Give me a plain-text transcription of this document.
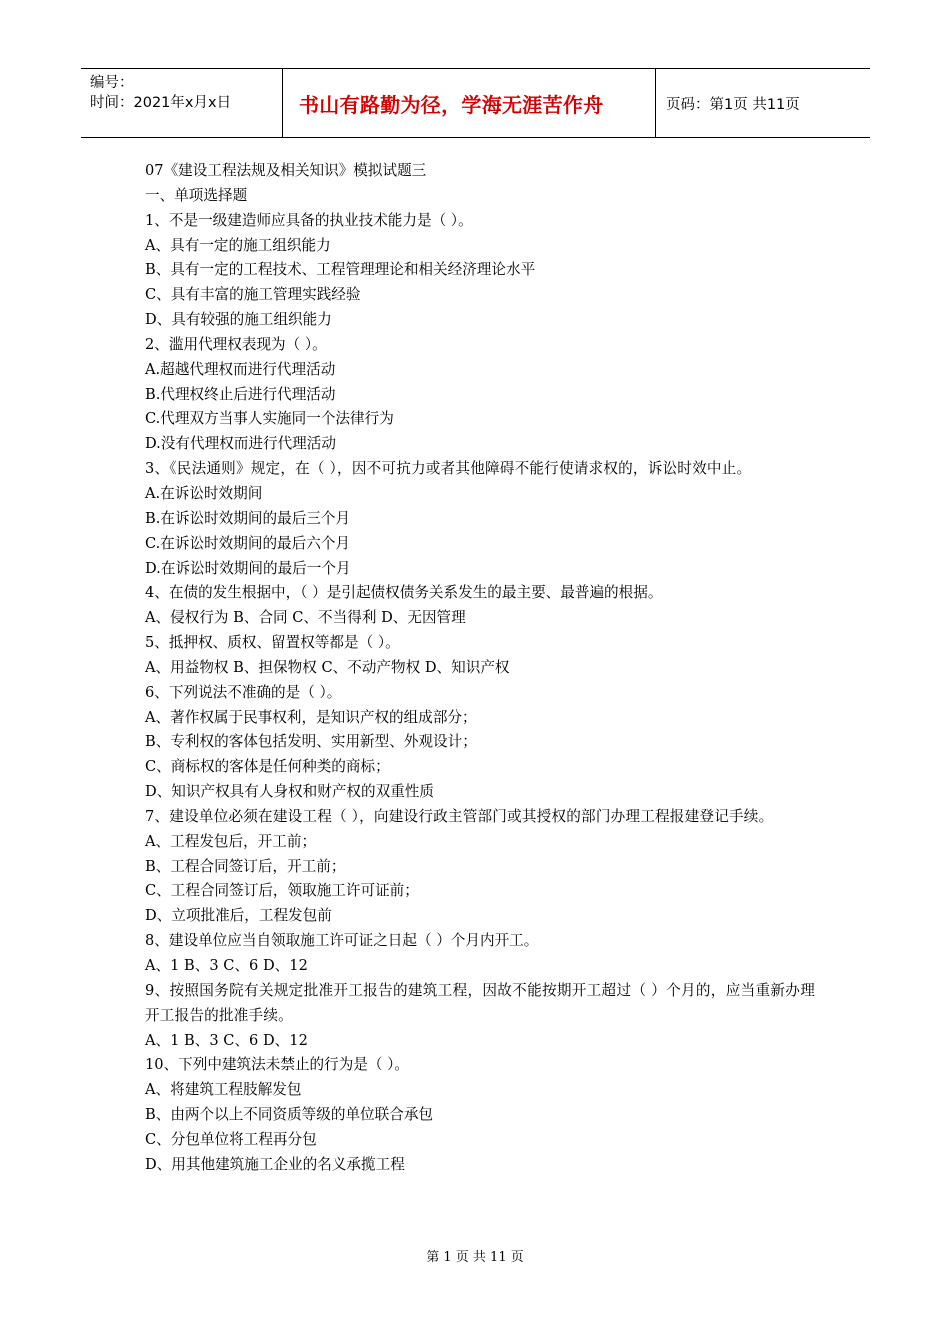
编号：
时间：2021年x月x日	书山有路勤为径，学海无涯苦作舟	页码：第1页 共11页

07《建设工程法规及相关知识》模拟试题三

一、单项选择题

1、不是一级建造师应具备的执业技术能力是（ ）。

A、具有一定的施工组织能力

B、具有一定的工程技术、工程管理理论和相关经济理论水平

C、具有丰富的施工管理实践经验

D、具有较强的施工组织能力

2、滥用代理权表现为（ ）。

A.超越代理权而进行代理活动

B.代理权终止后进行代理活动

C.代理双方当事人实施同一个法律行为

D.没有代理权而进行代理活动

3、《民法通则》规定，在（ ），因不可抗力或者其他障碍不能行使请求权的，诉讼时效中止。

A.在诉讼时效期间

B.在诉讼时效期间的最后三个月

C.在诉讼时效期间的最后六个月

D.在诉讼时效期间的最后一个月

4、在债的发生根据中，（ ）是引起债权债务关系发生的最主要、最普遍的根据。

A、侵权行为 B、合同 C、不当得利 D、无因管理

5、抵押权、质权、留置权等都是（ ）。

A、用益物权 B、担保物权 C、不动产物权 D、知识产权

6、下列说法不准确的是（ ）。

A、著作权属于民事权利，是知识产权的组成部分；

B、专利权的客体包括发明、实用新型、外观设计；

C、商标权的客体是任何种类的商标；

D、知识产权具有人身权和财产权的双重性质

7、建设单位必须在建设工程（ ），向建设行政主管部门或其授权的部门办理工程报建登记手续。

A、工程发包后，开工前；

B、工程合同签订后，开工前；

C、工程合同签订后，领取施工许可证前；

D、立项批准后，工程发包前

8、建设单位应当自领取施工许可证之日起（ ）个月内开工。

A、1 B、3 C、6 D、12

9、按照国务院有关规定批准开工报告的建筑工程，因故不能按期开工超过（ ）个月的，应当重新办理开工报告的批准手续。

A、1 B、3 C、6 D、12

10、下列中建筑法未禁止的行为是（ ）。

A、将建筑工程肢解发包

B、由两个以上不同资质等级的单位联合承包

C、分包单位将工程再分包

D、用其他建筑施工企业的名义承揽工程

第 1 页 共 11 页
